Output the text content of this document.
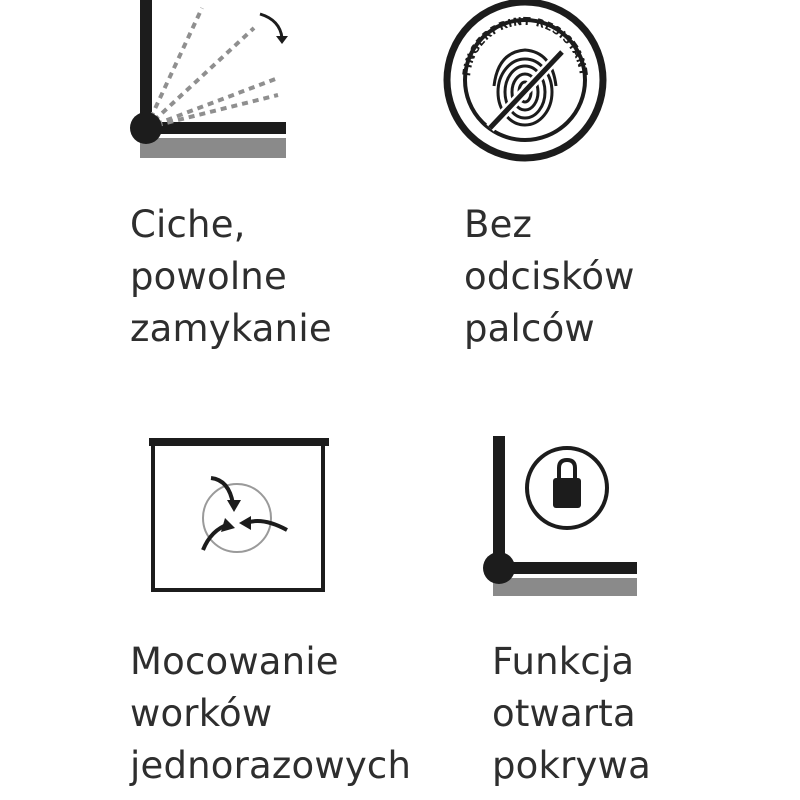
FINGERPRINT RESISTANT
Ciche,
powolne
zamykanie
Bez
odcisków
palców
Mocowanie
worków
jednorazowych
Funkcja
otwarta
pokrywa
